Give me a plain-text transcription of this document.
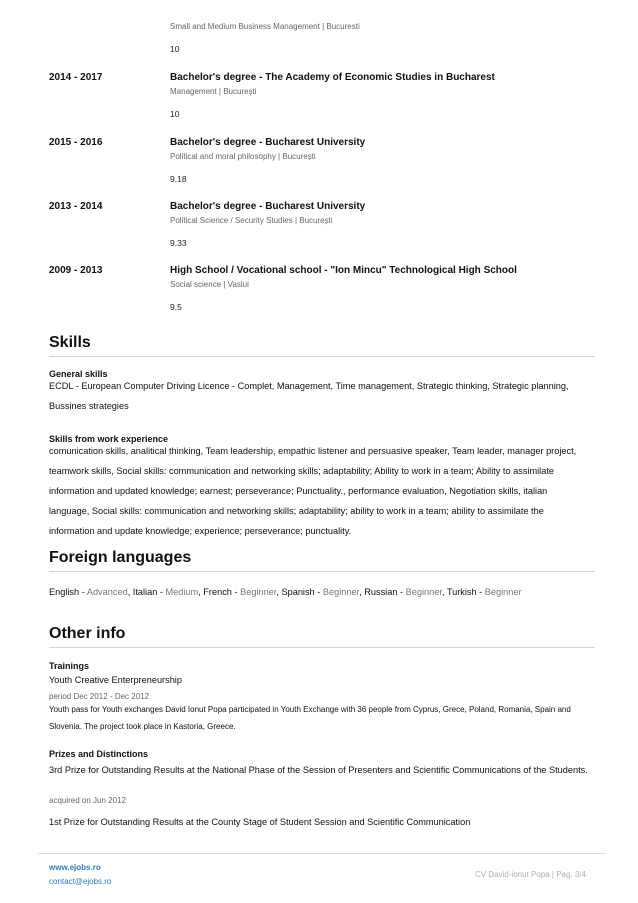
Small and Medium Business Management | Bucuresti
10
2014 - 2017	Bachelor's degree - The Academy of Economic Studies in Bucharest
Management | București
10
2015 - 2016	Bachelor's degree - Bucharest University
Political and moral philosophy | București
9.18
2013 - 2014	Bachelor's degree - Bucharest University
Political Science / Security Studies | București
9.33
2009 - 2013	High School / Vocational school - "Ion Mincu" Technological High School
Social science | Vaslui
9.5
Skills
General skills
ECDL - European Computer Driving Licence - Complet, Management, Time management, Strategic thinking, Strategic planning, Bussines strategies
Skills from work experience
comunication skills, analitical thinking, Team leadership, empathic listener and persuasive speaker, Team leader, manager project, teamwork skills, Social skills: communication and networking skills; adaptability; Ability to work in a team; Ability to assimilate information and updated knowledge; earnest; perseverance; Punctuality., performance evaluation, Negotiation skills, italian language, Social skills: communication and networking skills; adaptability; ability to work in a team; ability to assimilate the information and update knowledge; experience; perseverance; punctuality.
Foreign languages
English - Advanced, Italian - Medium, French - Beginner, Spanish - Beginner, Russian - Beginner, Turkish - Beginner
Other info
Trainings
Youth Creative Enterpreneurship
period Dec 2012 - Dec 2012
Youth pass for Youth exchanges David Ionut Popa participated in Youth Exchange with 36 people from Cyprus, Grece, Poland, Romania, Spain and Slovenia. The project took place in Kastoria, Greece.
Prizes and Distinctions
3rd Prize for Outstanding Results at the National Phase of the Session of Presenters and Scientific Communications of the Students.
acquired on Jun 2012
1st Prize for Outstanding Results at the County Stage of Student Session and Scientific Communication
www.ejobs.ro
contact@ejobs.ro
CV David-ionut Popa | Pag. 3/4
